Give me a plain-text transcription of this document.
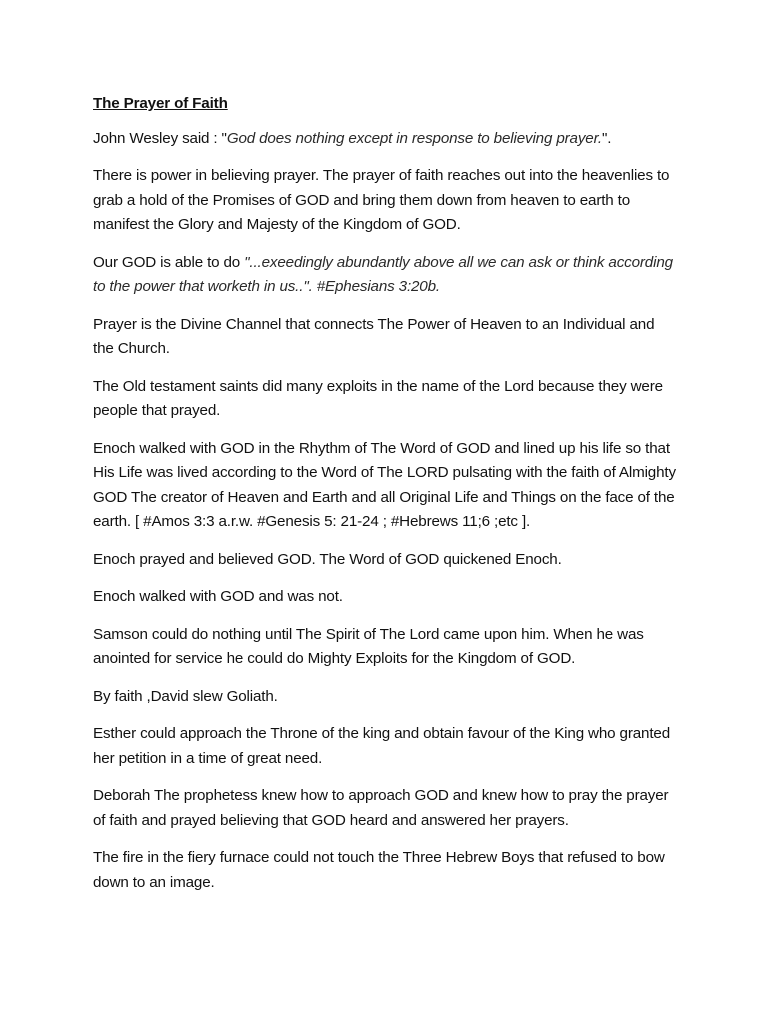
The Prayer of Faith

John Wesley said : "God does nothing except in response to believing prayer.".

There is power in believing prayer. The prayer of faith reaches out into the heavenlies to grab a hold of the Promises of GOD and bring them down from heaven to earth to manifest the Glory and Majesty of the Kingdom of GOD.

Our GOD is able to do "...exeedingly abundantly above all we can ask or think according to the power that worketh in us..". #Ephesians 3:20b.

Prayer is the Divine Channel that connects The Power of Heaven to an Individual and the Church.

The Old testament saints did many exploits in the name of the Lord because they were people that prayed.

Enoch walked with GOD in the Rhythm of The Word of GOD and lined up his life so that His Life was lived according to the Word of The LORD pulsating with the faith of Almighty GOD The creator of Heaven and Earth and all Original Life and Things on the face of the earth. [ #Amos 3:3 a.r.w. #Genesis 5: 21-24 ; #Hebrews 11;6 ;etc ].

Enoch prayed and believed GOD. The Word of GOD quickened Enoch.

Enoch walked with GOD and was not.

Samson could do nothing until The Spirit of The Lord came upon him. When he was anointed for service he could do Mighty Exploits for the Kingdom of GOD.

By faith ,David slew Goliath.

Esther could approach the Throne of the king and obtain favour of the King who granted her petition in a time of great need.

Deborah The prophetess knew how to approach GOD and knew how to pray the prayer of faith and prayed believing that GOD heard and answered her prayers.

The fire in the fiery furnace could not touch the Three Hebrew Boys that refused to bow down to an image.
